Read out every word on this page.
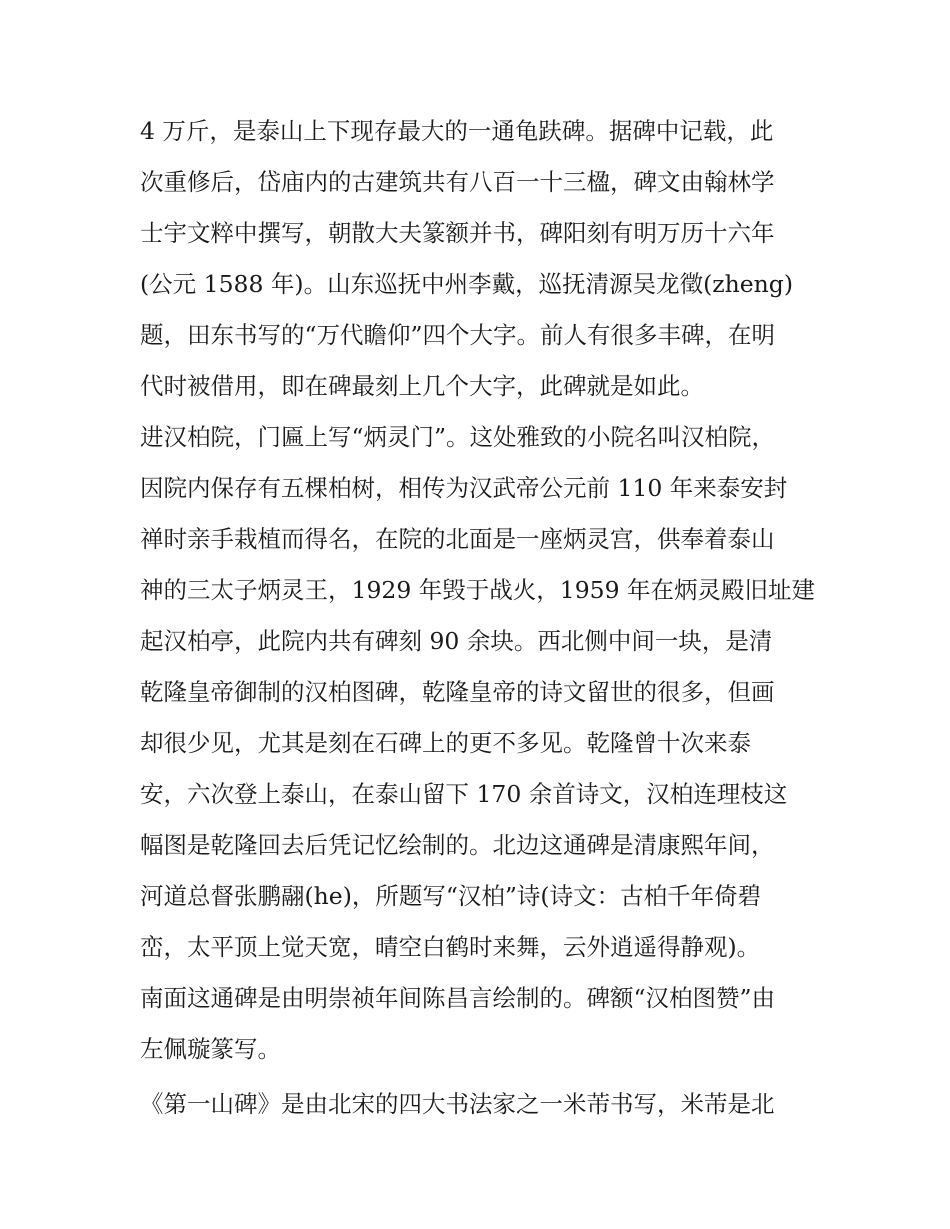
4 万斤，是泰山上下现存最大的一通龟趺碑。据碑中记载，此
次重修后，岱庙内的古建筑共有八百一十三楹，碑文由翰林学
士宇文粹中撰写，朝散大夫篆额并书，碑阳刻有明万历十六年
(公元 1588 年)。山东巡抚中州李戴，巡抚清源吴龙徵(zheng)
题，田东书写的“万代瞻仰”四个大字。前人有很多丰碑，在明
代时被借用，即在碑最刻上几个大字，此碑就是如此。
进汉柏院，门匾上写“炳灵门”。这处雅致的小院名叫汉柏院，
因院内保存有五棵柏树，相传为汉武帝公元前 110 年来泰安封
禅时亲手栽植而得名，在院的北面是一座炳灵宫，供奉着泰山
神的三太子炳灵王，1929 年毁于战火，1959 年在炳灵殿旧址建
起汉柏亭，此院内共有碑刻 90 余块。西北侧中间一块，是清
乾隆皇帝御制的汉柏图碑，乾隆皇帝的诗文留世的很多，但画
却很少见，尤其是刻在石碑上的更不多见。乾隆曾十次来泰
安，六次登上泰山，在泰山留下 170 余首诗文，汉柏连理枝这
幅图是乾隆回去后凭记忆绘制的。北边这通碑是清康熙年间，
河道总督张鹏翮(he)，所题写“汉柏”诗(诗文：古柏千年倚碧
峦，太平顶上觉天宽，晴空白鹤时来舞，云外逍遥得静观)。
南面这通碑是由明崇祯年间陈昌言绘制的。碑额“汉柏图赞”由
左佩璇篆写。
《第一山碑》是由北宋的四大书法家之一米芾书写，米芾是北
